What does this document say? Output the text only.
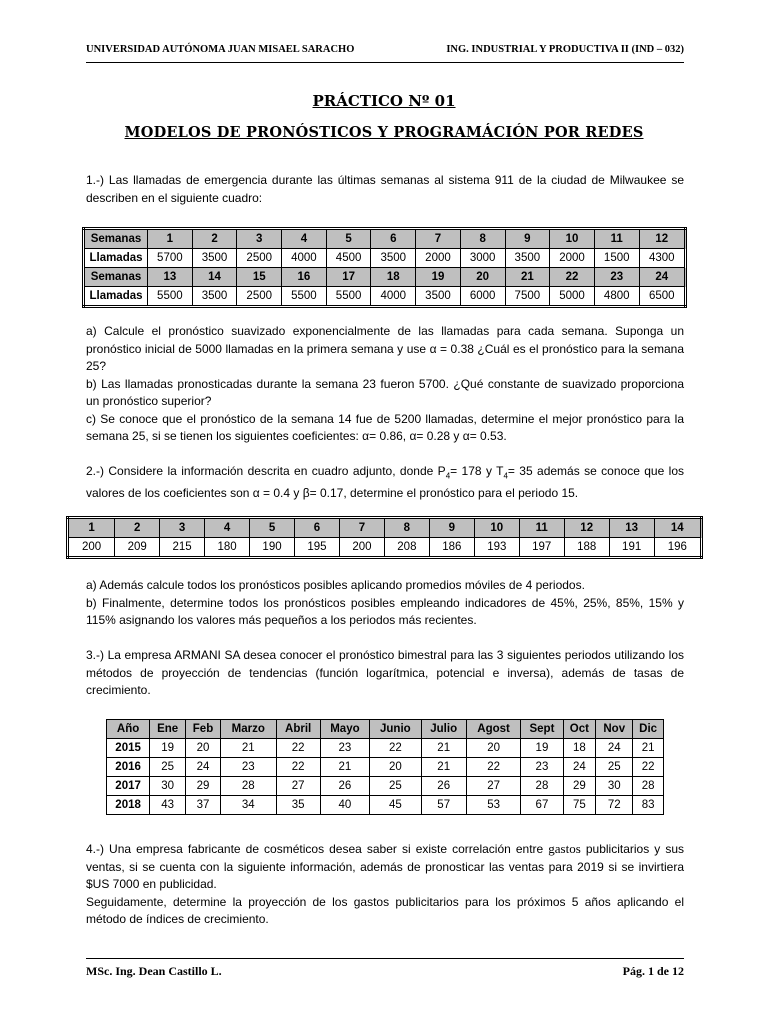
UNIVERSIDAD AUTÓNOMA JUAN MISAEL SARACHO	ING. INDUSTRIAL Y PRODUCTIVA II (IND – 032)
PRÁCTICO Nº 01
MODELOS DE PRONÓSTICOS Y PROGRAMÁCIÓN POR REDES

1.-) Las llamadas de emergencia durante las últimas semanas al sistema 911 de la ciudad de Milwaukee se describen en el siguiente cuadro:

Semanas	1	2	3	4	5	6	7	8	9	10	11	12
Llamadas	5700	3500	2500	4000	4500	3500	2000	3000	3500	2000	1500	4300
Semanas	13	14	15	16	17	18	19	20	21	22	23	24
Llamadas	5500	3500	2500	5500	5500	4000	3500	6000	7500	5000	4800	6500

a) Calcule el pronóstico suavizado exponencialmente de las llamadas para cada semana. Suponga un pronóstico inicial de 5000 llamadas en la primera semana y use α = 0.38 ¿Cuál es el pronóstico para la semana 25?

b) Las llamadas pronosticadas durante la semana 23 fueron 5700. ¿Qué constante de suavizado proporciona un pronóstico superior?

c) Se conoce que el pronóstico de la semana 14 fue de 5200 llamadas, determine el mejor pronóstico para la semana 25, si se tienen los siguientes coeficientes: α= 0.86, α= 0.28 y α= 0.53.

2.-) Considere la información descrita en cuadro adjunto, donde $P_4= 178$ y $T_4= 35$ además se conoce que los valores de los coeficientes son α = 0.4 y β= 0.17, determine el pronóstico para el periodo 15.

1	2	3	4	5	6	7	8	9	10	11	12	13	14
200	209	215	180	190	195	200	208	186	193	197	188	191	196

a) Además calcule todos los pronósticos posibles aplicando promedios móviles de 4 periodos.

b) Finalmente, determine todos los pronósticos posibles empleando indicadores de 45%, 25%, 85%, 15% y 115% asignando los valores más pequeños a los periodos más recientes.

3.-) La empresa ARMANI SA desea conocer el pronóstico bimestral para las 3 siguientes periodos utilizando los métodos de proyección de tendencias (función logarítmica, potencial e inversa), además de tasas de crecimiento.

Año	Ene	Feb	Marzo	Abril	Mayo	Junio	Julio	Agost	Sept	Oct	Nov	Dic
2015	19	20	21	22	23	22	21	20	19	18	24	21
2016	25	24	23	22	21	20	21	22	23	24	25	22
2017	30	29	28	27	26	25	26	27	28	29	30	28
2018	43	37	34	35	40	45	57	53	67	75	72	83

4.-) Una empresa fabricante de cosméticos desea saber si existe correlación entre gastos publicitarios y sus ventas, si se cuenta con la siguiente información, además de pronosticar las ventas para 2019 si se invirtiera $US 7000 en publicidad.

Seguidamente, determine la proyección de los gastos publicitarios para los próximos 5 años aplicando el método de índices de crecimiento.

MSc. Ing. Dean Castillo L.	Pág. 1 de 12
